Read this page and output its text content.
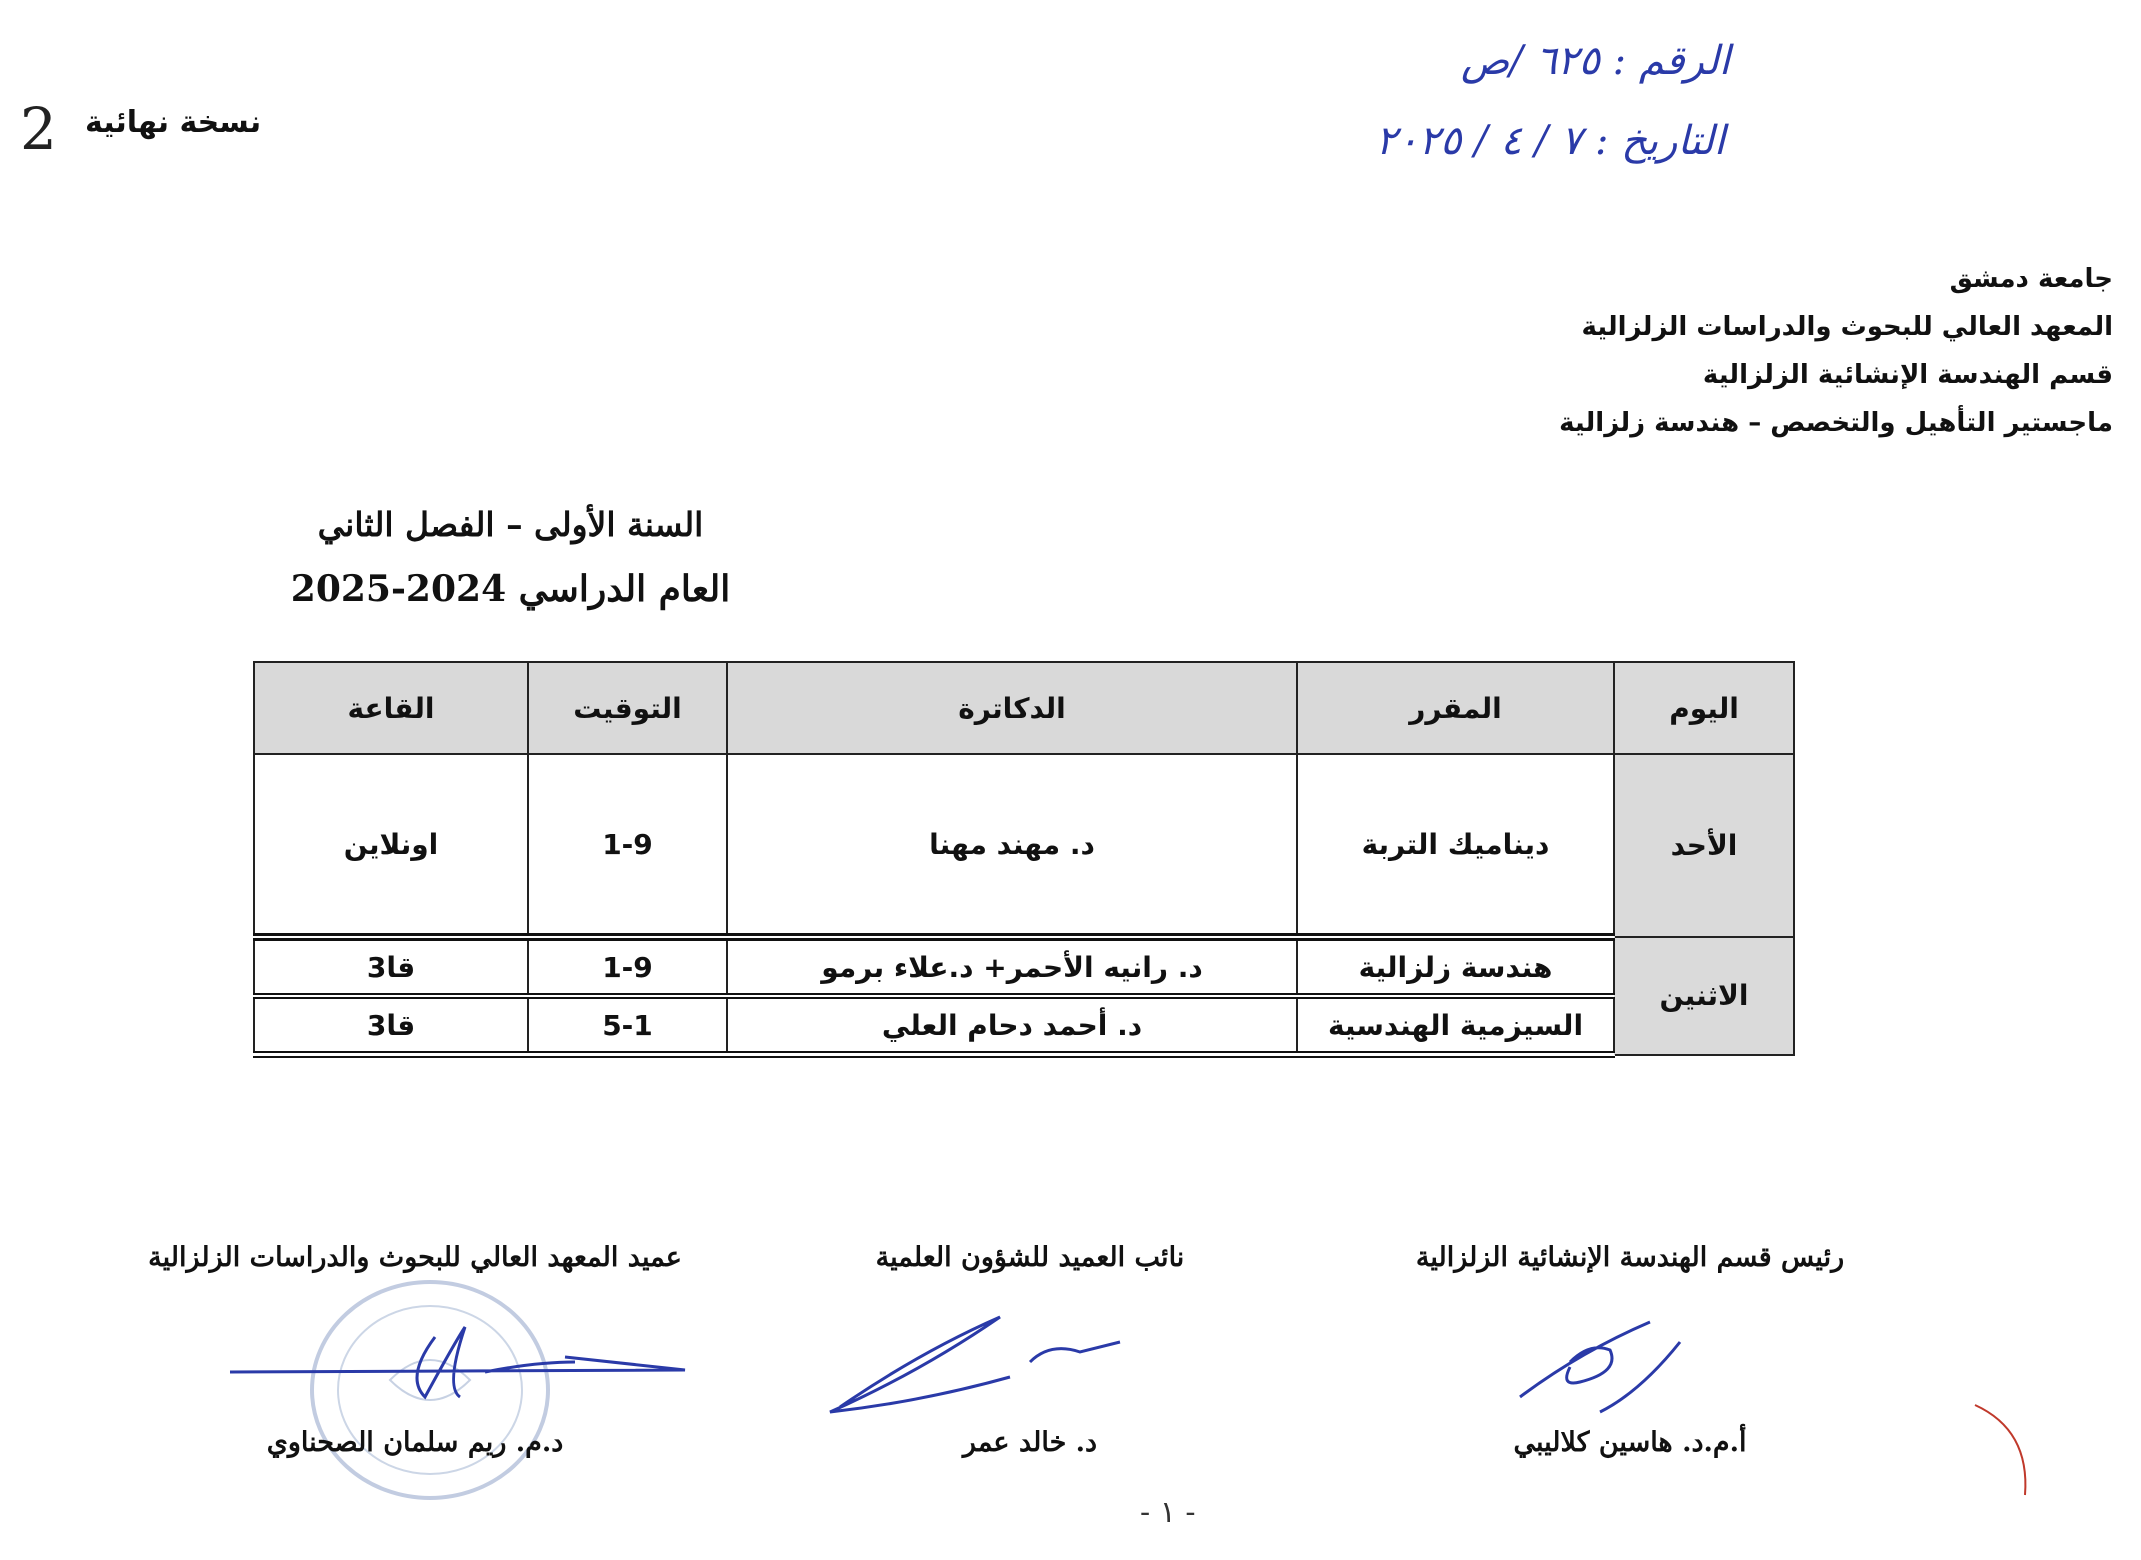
نسخة نهائية
2
الرقم : ٦٢٥ /ص
التاريخ : ٧ / ٤ / ٢٠٢٥
جامعة دمشق
المعهد العالي للبحوث والدراسات الزلزالية
قسم الهندسة الإنشائية الزلزالية
ماجستير التأهيل والتخصص – هندسة زلزالية
السنة الأولى – الفصل الثاني
العام الدراسي 2024-2025
اليوم	المقرر	الدكاترة	التوقيت	القاعة
الأحد	ديناميك التربة	د. مهند مهنا	1-9	اونلاين
الاثنين	هندسة زلزالية	د. رانيه الأحمر+ د.علاء برمو	1-9	قا3
	السيزمية الهندسية	د. أحمد دحام العلي	5-1	قا3
رئيس قسم الهندسة الإنشائية الزلزالية
أ.م.د. هاسين كلاليبي
نائب العميد للشؤون العلمية
د. خالد عمر
عميد المعهد العالي للبحوث والدراسات الزلزالية
د.م. ريم سلمان الصحناوي
- ١ -
